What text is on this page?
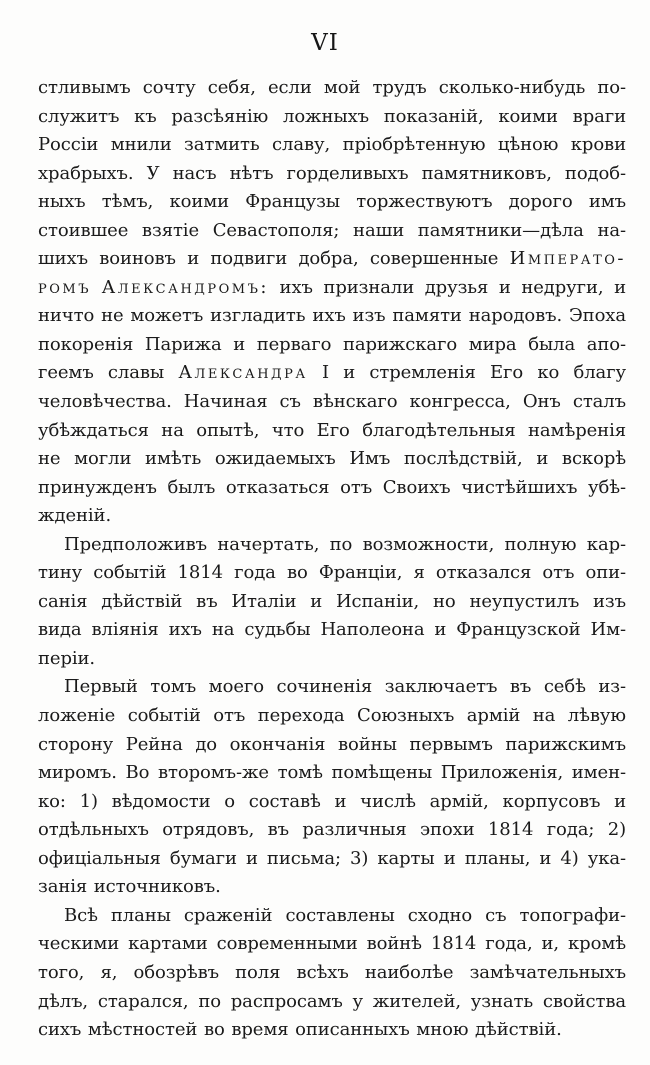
VI
стливымъ сочту себя, если мой трудъ сколько-нибудь по-
служитъ къ разсѣянію ложныхъ показаній, коими враги
Россіи мнили затмить славу, пріобрѣтенную цѣною крови
храбрыхъ. У насъ нѣтъ горделивыхъ памятниковъ, подоб-
ныхъ тѣмъ, коими Французы торжествуютъ дорого имъ
стоившее взятіе Севастополя; наши памятники—дѣла на-
шихъ воиновъ и подвиги добра, совершенные Императо-
ромъ Александромъ: ихъ признали друзья и недруги, и
ничто не можетъ изгладить ихъ изъ памяти народовъ. Эпоха
покоренія Парижа и перваго парижскаго мира была апо-
геемъ славы Александра I и стремленія Его ко благу
человѣчества. Начиная съ вѣнскаго конгресса, Онъ сталъ
убѣждаться на опытѣ, что Его благодѣтельныя намѣренія
не могли имѣть ожидаемыхъ Имъ послѣдствій, и вскорѣ
принужденъ былъ отказаться отъ Своихъ чистѣйшихъ убѣ-
жденій.
Предположивъ начертать, по возможности, полную кар-
тину событій 1814 года во Франціи, я отказался отъ опи-
санія дѣйствій въ Италіи и Испаніи, но неупустилъ изъ
вида вліянія ихъ на судьбы Наполеона и Французской Им-
періи.
Первый томъ моего сочиненія заключаетъ въ себѣ из-
ложеніе событій отъ перехода Союзныхъ армій на лѣвую
сторону Рейна до окончанія войны первымъ парижскимъ
миромъ. Во второмъ-же томѣ помѣщены Приложенія, имен-
ко: 1) вѣдомости о составѣ и числѣ армій, корпусовъ и
отдѣльныхъ отрядовъ, въ различныя эпохи 1814 года; 2)
офиціальныя бумаги и письма; 3) карты и планы, и 4) ука-
занія источниковъ.
Всѣ планы сраженій составлены сходно съ топографи-
ческими картами современными войнѣ 1814 года, и, кромѣ
того, я, обозрѣвъ поля всѣхъ наиболѣе замѣчательныхъ
дѣлъ, старался, по распросамъ у жителей, узнать свойства
сихъ мѣстностей во время описанныхъ мною дѣйствій.
